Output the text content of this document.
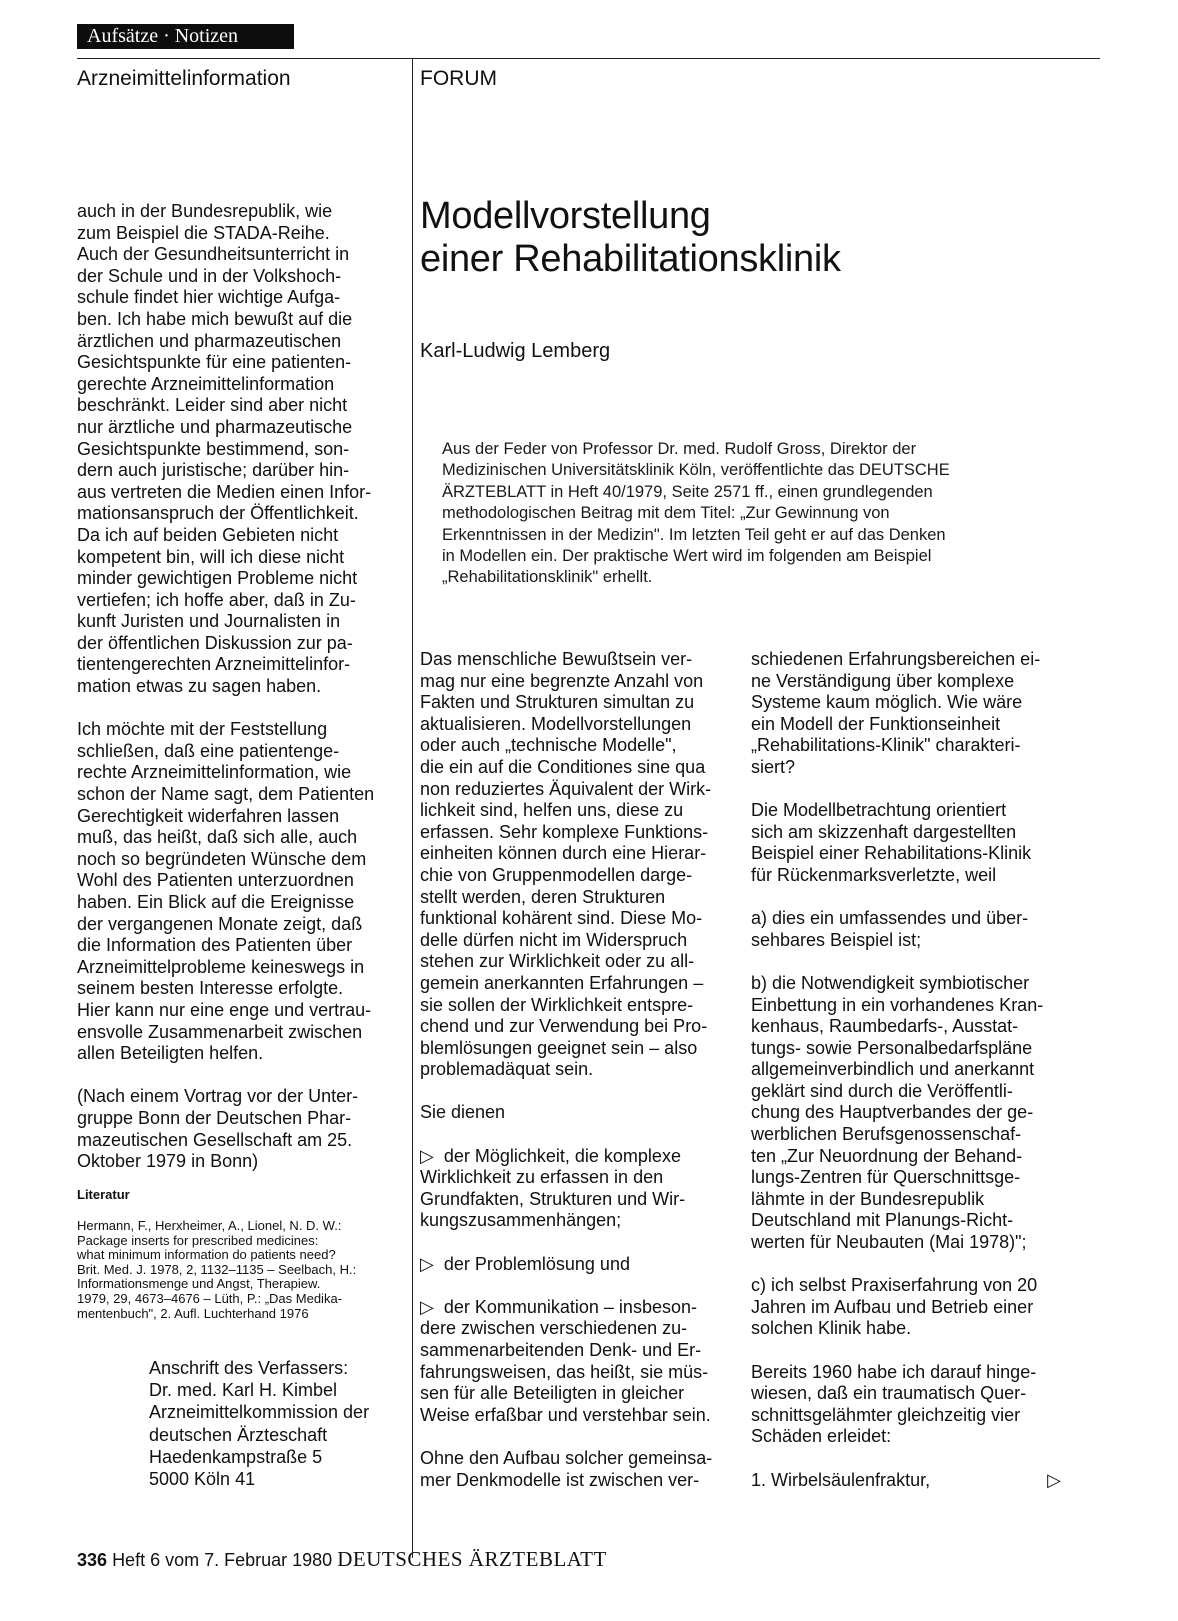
Aufsätze · Notizen
Arzneimittelinformation	FORUM

auch in der Bundesrepublik, wie
zum Beispiel die STADA-Reihe.
Auch der Gesundheitsunterricht in
der Schule und in der Volkshoch-
schule findet hier wichtige Aufga-
ben. Ich habe mich bewußt auf die
ärztlichen und pharmazeutischen
Gesichtspunkte für eine patienten-
gerechte Arzneimittelinformation
beschränkt. Leider sind aber nicht
nur ärztliche und pharmazeutische
Gesichtspunkte bestimmend, son-
dern auch juristische; darüber hin-
aus vertreten die Medien einen Infor-
mationsanspruch der Öffentlichkeit.
Da ich auf beiden Gebieten nicht
kompetent bin, will ich diese nicht
minder gewichtigen Probleme nicht
vertiefen; ich hoffe aber, daß in Zu-
kunft Juristen und Journalisten in
der öffentlichen Diskussion zur pa-
tientengerechten Arzneimittelinfor-
mation etwas zu sagen haben.

Ich möchte mit der Feststellung
schließen, daß eine patientenge-
rechte Arzneimittelinformation, wie
schon der Name sagt, dem Patienten
Gerechtigkeit widerfahren lassen
muß, das heißt, daß sich alle, auch
noch so begründeten Wünsche dem
Wohl des Patienten unterzuordnen
haben. Ein Blick auf die Ereignisse
der vergangenen Monate zeigt, daß
die Information des Patienten über
Arzneimittelprobleme keineswegs in
seinem besten Interesse erfolgte.
Hier kann nur eine enge und vertrau-
ensvolle Zusammenarbeit zwischen
allen Beteiligten helfen.

(Nach einem Vortrag vor der Unter-
gruppe Bonn der Deutschen Phar-
mazeutischen Gesellschaft am 25.
Oktober 1979 in Bonn)

Literatur
Hermann, F., Herxheimer, A., Lionel, N. D. W.:
Package inserts for prescribed medicines:
what minimum information do patients need?
Brit. Med. J. 1978, 2, 1132–1135 – Seelbach, H.:
Informationsmenge und Angst, Therapiew.
1979, 29, 4673–4676 – Lüth, P.: „Das Medika-
mentenbuch", 2. Aufl. Luchterhand 1976
Anschrift des Verfassers:
Dr. med. Karl H. Kimbel
Arzneimittelkommission der
deutschen Ärzteschaft
Haedenkampstraße 5
5000 Köln 41
Modellvorstellung
einer Rehabilitationsklinik
Karl-Ludwig Lemberg
Aus der Feder von Professor Dr. med. Rudolf Gross, Direktor der
Medizinischen Universitätsklinik Köln, veröffentlichte das DEUTSCHE
ÄRZTEBLATT in Heft 40/1979, Seite 2571 ff., einen grundlegenden
methodologischen Beitrag mit dem Titel: „Zur Gewinnung von
Erkenntnissen in der Medizin". Im letzten Teil geht er auf das Denken
in Modellen ein. Der praktische Wert wird im folgenden am Beispiel
„Rehabilitationsklinik" erhellt.

Das menschliche Bewußtsein ver-
mag nur eine begrenzte Anzahl von
Fakten und Strukturen simultan zu
aktualisieren. Modellvorstellungen
oder auch „technische Modelle",
die ein auf die Conditiones sine qua
non reduziertes Äquivalent der Wirk-
lichkeit sind, helfen uns, diese zu
erfassen. Sehr komplexe Funktions-
einheiten können durch eine Hierar-
chie von Gruppenmodellen darge-
stellt werden, deren Strukturen
funktional kohärent sind. Diese Mo-
delle dürfen nicht im Widerspruch
stehen zur Wirklichkeit oder zu all-
gemein anerkannten Erfahrungen –
sie sollen der Wirklichkeit entspre-
chend und zur Verwendung bei Pro-
blemlösungen geeignet sein – also
problemadäquat sein.

Sie dienen

▷ der Möglichkeit, die komplexe
Wirklichkeit zu erfassen in den
Grundfakten, Strukturen und Wir-
kungszusammenhängen;

▷ der Problemlösung und

▷ der Kommunikation – insbeson-
dere zwischen verschiedenen zu-
sammenarbeitenden Denk- und Er-
fahrungsweisen, das heißt, sie müs-
sen für alle Beteiligten in gleicher
Weise erfaßbar und verstehbar sein.

Ohne den Aufbau solcher gemeinsa-
mer Denkmodelle ist zwischen ver-

schiedenen Erfahrungsbereichen ei-
ne Verständigung über komplexe
Systeme kaum möglich. Wie wäre
ein Modell der Funktionseinheit
„Rehabilitations-Klinik" charakteri-
siert?

Die Modellbetrachtung orientiert
sich am skizzenhaft dargestellten
Beispiel einer Rehabilitations-Klinik
für Rückenmarksverletzte, weil

a) dies ein umfassendes und über-
sehbares Beispiel ist;

b) die Notwendigkeit symbiotischer
Einbettung in ein vorhandenes Kran-
kenhaus, Raumbedarfs-, Ausstat-
tungs- sowie Personalbedarfspläne
allgemeinverbindlich und anerkannt
geklärt sind durch die Veröffentli-
chung des Hauptverbandes der ge-
werblichen Berufsgenossenschaf-
ten „Zur Neuordnung der Behand-
lungs-Zentren für Querschnittsge-
lähmte in der Bundesrepublik
Deutschland mit Planungs-Richt-
werten für Neubauten (Mai 1978)";

c) ich selbst Praxiserfahrung von 20
Jahren im Aufbau und Betrieb einer
solchen Klinik habe.

Bereits 1960 habe ich darauf hinge-
wiesen, daß ein traumatisch Quer-
schnittsgelähmter gleichzeitig vier
Schäden erleidet:

1. Wirbelsäulenfraktur,	▷

336 Heft 6 vom 7. Februar 1980 DEUTSCHES ÄRZTEBLATT
